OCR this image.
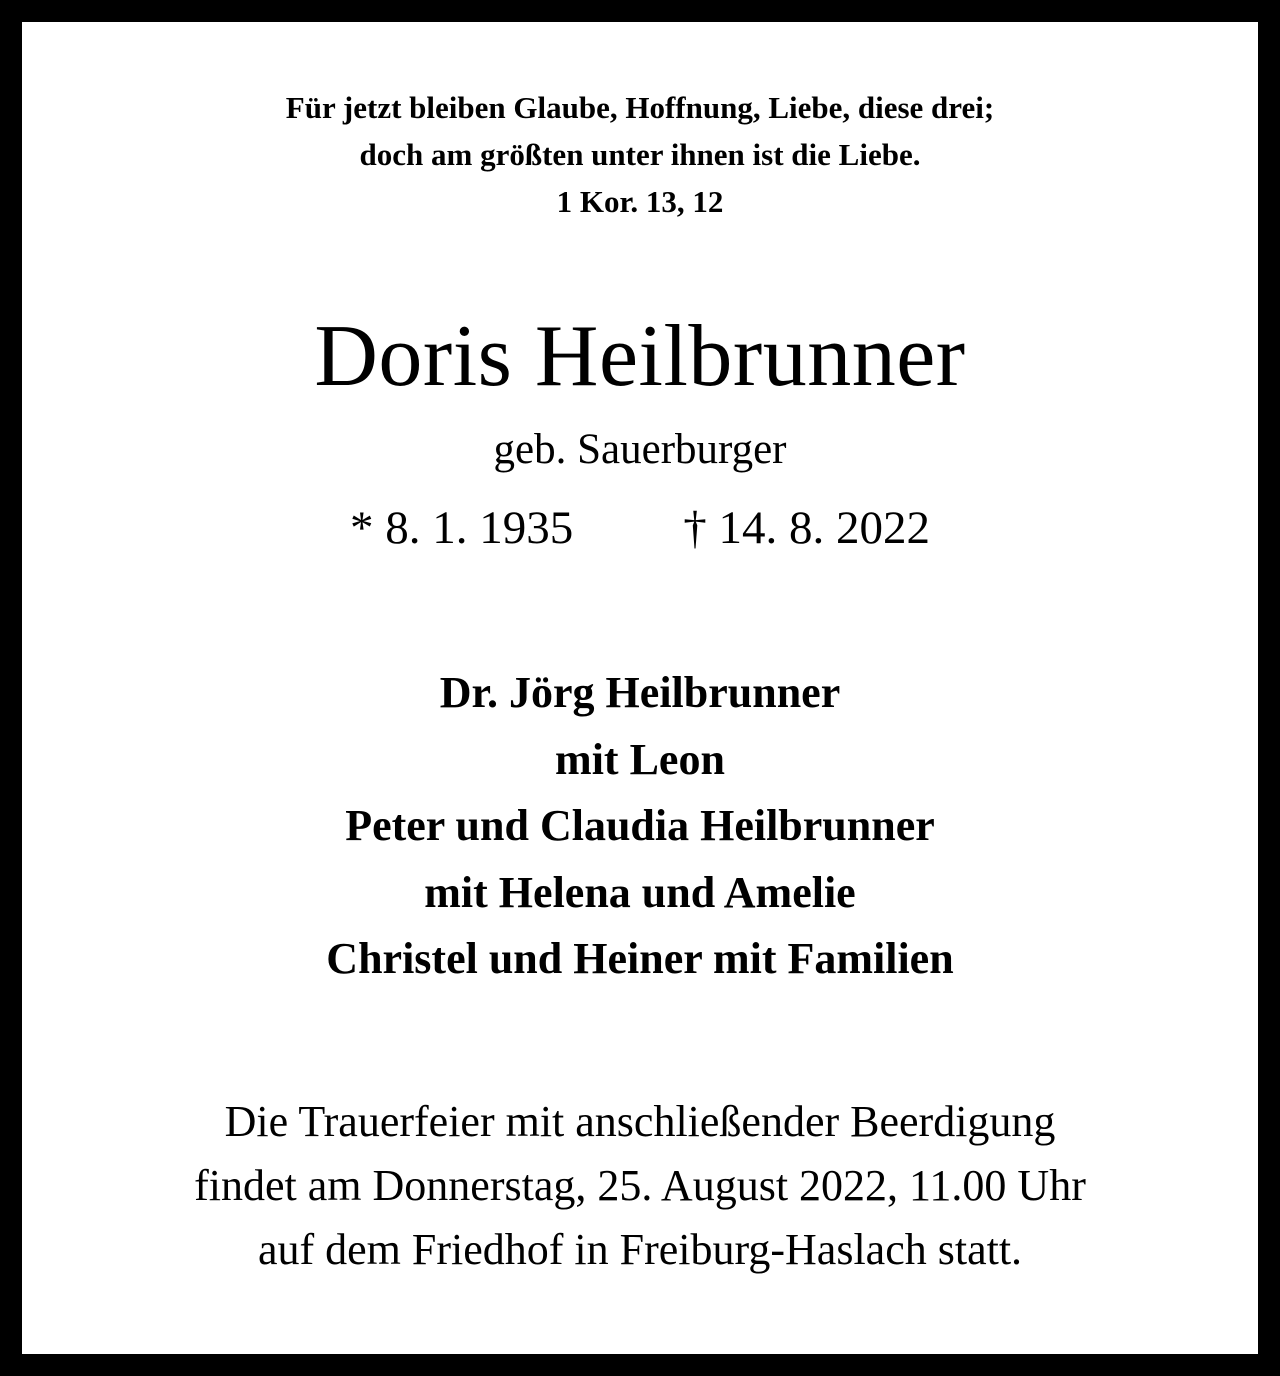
Für jetzt bleiben Glaube, Hoffnung, Liebe, diese drei;
doch am größten unter ihnen ist die Liebe.
1 Kor. 13, 12
Doris Heilbrunner
geb. Sauerburger
* 8. 1. 1935 † 14. 8. 2022
Dr. Jörg Heilbrunner
mit Leon
Peter und Claudia Heilbrunner
mit Helena und Amelie
Christel und Heiner mit Familien
Die Trauerfeier mit anschließender Beerdigung
findet am Donnerstag, 25. August 2022, 11.00 Uhr
auf dem Friedhof in Freiburg-Haslach statt.
